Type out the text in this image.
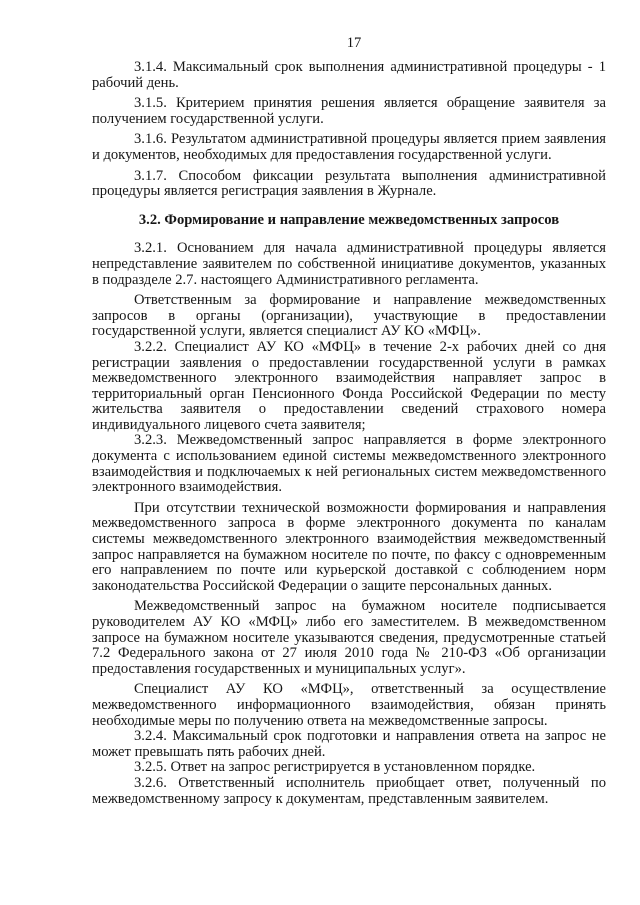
17

3.1.4. Максимальный срок выполнения административной процедуры - 1 рабочий день.

3.1.5. Критерием принятия решения является обращение заявителя за получением государственной услуги.

3.1.6. Результатом административной процедуры является прием заявления и документов, необходимых для предоставления государственной услуги.

3.1.7. Способом фиксации результата выполнения административной процедуры является регистрация заявления в Журнале.

3.2. Формирование и направление межведомственных запросов

3.2.1. Основанием для начала административной процедуры является непредставление заявителем по собственной инициативе документов, указанных в подразделе 2.7. настоящего Административного регламента.

Ответственным за формирование и направление межведомственных запросов в органы (организации), участвующие в предоставлении государственной услуги, является специалист АУ КО «МФЦ».

3.2.2. Специалист АУ КО «МФЦ» в течение 2-х рабочих дней со дня регистрации заявления о предоставлении государственной услуги в рамках межведомственного электронного взаимодействия направляет запрос в территориальный орган Пенсионного Фонда Российской Федерации по месту жительства заявителя о предоставлении сведений страхового номера индивидуального лицевого счета заявителя;

3.2.3. Межведомственный запрос направляется в форме электронного документа с использованием единой системы межведомственного электронного взаимодействия и подключаемых к ней региональных систем межведомственного электронного взаимодействия.

При отсутствии технической возможности формирования и направления межведомственного запроса в форме электронного документа по каналам системы межведомственного электронного взаимодействия межведомственный запрос направляется на бумажном носителе по почте, по факсу с одновременным его направлением по почте или курьерской доставкой с соблюдением норм законодательства Российской Федерации о защите персональных данных.

Межведомственный запрос на бумажном носителе подписывается руководителем АУ КО «МФЦ» либо его заместителем. В межведомственном запросе на бумажном носителе указываются сведения, предусмотренные статьей 7.2 Федерального закона от 27 июля 2010 года № 210-ФЗ «Об организации предоставления государственных и муниципальных услуг».

Специалист АУ КО «МФЦ», ответственный за осуществление межведомственного информационного взаимодействия, обязан принять необходимые меры по получению ответа на межведомственные запросы.

3.2.4. Максимальный срок подготовки и направления ответа на запрос не может превышать пять рабочих дней.

3.2.5. Ответ на запрос регистрируется в установленном порядке.

3.2.6. Ответственный исполнитель приобщает ответ, полученный по межведомственному запросу к документам, представленным заявителем.
